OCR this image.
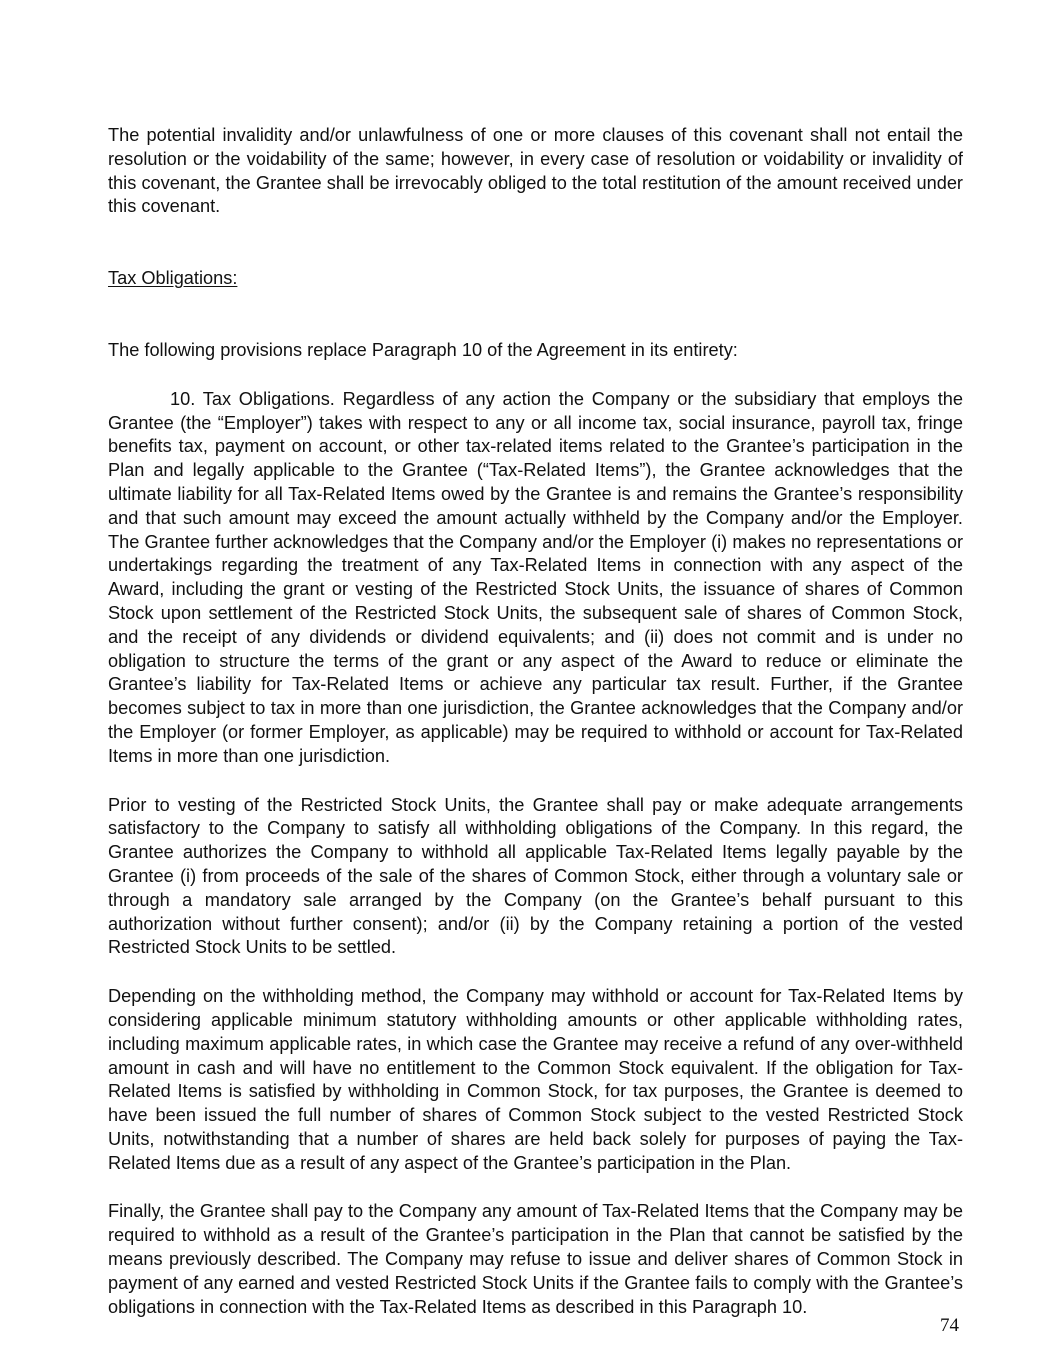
The potential invalidity and/or unlawfulness of one or more clauses of this covenant shall not entail the resolution or the voidability of the same; however, in every case of resolution or voidability or invalidity of this covenant, the Grantee shall be irrevocably obliged to the total restitution of the amount received under this covenant.

Tax Obligations:

The following provisions replace Paragraph 10 of the Agreement in its entirety:

10. Tax Obligations. Regardless of any action the Company or the subsidiary that employs the Grantee (the “Employer”) takes with respect to any or all income tax, social insurance, payroll tax, fringe benefits tax, payment on account, or other tax-related items related to the Grantee’s participation in the Plan and legally applicable to the Grantee (“Tax-Related Items”), the Grantee acknowledges that the ultimate liability for all Tax-Related Items owed by the Grantee is and remains the Grantee’s responsibility and that such amount may exceed the amount actually withheld by the Company and/or the Employer. The Grantee further acknowledges that the Company and/or the Employer (i) makes no representations or undertakings regarding the treatment of any Tax-Related Items in connection with any aspect of the Award, including the grant or vesting of the Restricted Stock Units, the issuance of shares of Common Stock upon settlement of the Restricted Stock Units, the subsequent sale of shares of Common Stock, and the receipt of any dividends or dividend equivalents; and (ii) does not commit and is under no obligation to structure the terms of the grant or any aspect of the Award to reduce or eliminate the Grantee’s liability for Tax-Related Items or achieve any particular tax result. Further, if the Grantee becomes subject to tax in more than one jurisdiction, the Grantee acknowledges that the Company and/or the Employer (or former Employer, as applicable) may be required to withhold or account for Tax-Related Items in more than one jurisdiction.

Prior to vesting of the Restricted Stock Units, the Grantee shall pay or make adequate arrangements satisfactory to the Company to satisfy all withholding obligations of the Company. In this regard, the Grantee authorizes the Company to withhold all applicable Tax-Related Items legally payable by the Grantee (i) from proceeds of the sale of the shares of Common Stock, either through a voluntary sale or through a mandatory sale arranged by the Company (on the Grantee’s behalf pursuant to this authorization without further consent); and/or (ii) by the Company retaining a portion of the vested Restricted Stock Units to be settled.

Depending on the withholding method, the Company may withhold or account for Tax-Related Items by considering applicable minimum statutory withholding amounts or other applicable withholding rates, including maximum applicable rates, in which case the Grantee may receive a refund of any over-withheld amount in cash and will have no entitlement to the Common Stock equivalent. If the obligation for Tax-Related Items is satisfied by withholding in Common Stock, for tax purposes, the Grantee is deemed to have been issued the full number of shares of Common Stock subject to the vested Restricted Stock Units, notwithstanding that a number of shares are held back solely for purposes of paying the Tax-Related Items due as a result of any aspect of the Grantee’s participation in the Plan.

Finally, the Grantee shall pay to the Company any amount of Tax-Related Items that the Company may be required to withhold as a result of the Grantee’s participation in the Plan that cannot be satisfied by the means previously described. The Company may refuse to issue and deliver shares of Common Stock in payment of any earned and vested Restricted Stock Units if the Grantee fails to comply with the Grantee’s obligations in connection with the Tax-Related Items as described in this Paragraph 10.

74
